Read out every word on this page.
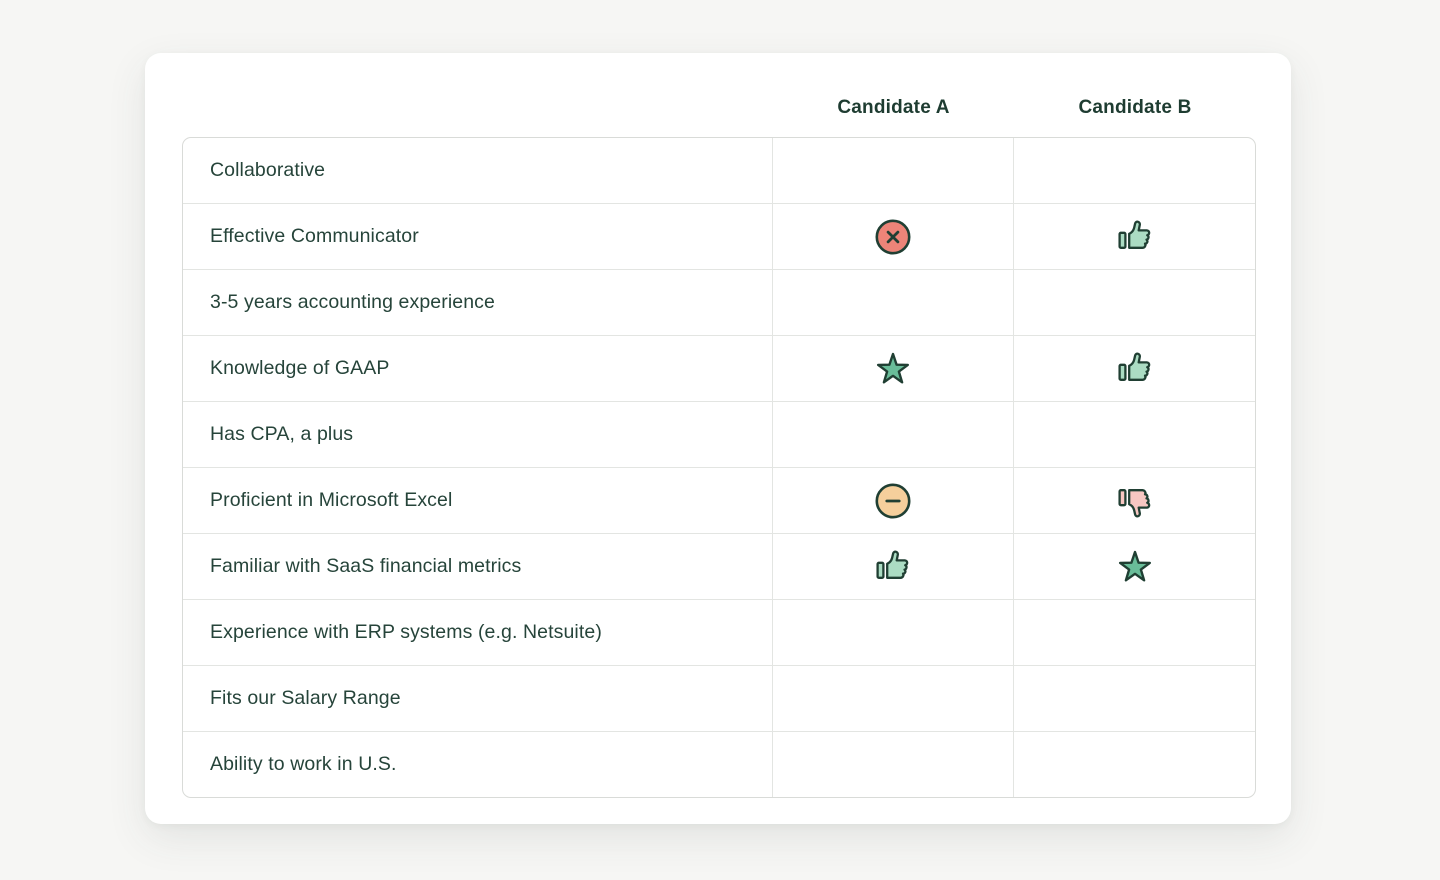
Candidate A	Candidate B
Collaborative
Effective Communicator
3-5 years accounting experience
Knowledge of GAAP
Has CPA, a plus
Proficient in Microsoft Excel
Familiar with SaaS financial metrics
Experience with ERP systems (e.g. Netsuite)
Fits our Salary Range
Ability to work in U.S.
